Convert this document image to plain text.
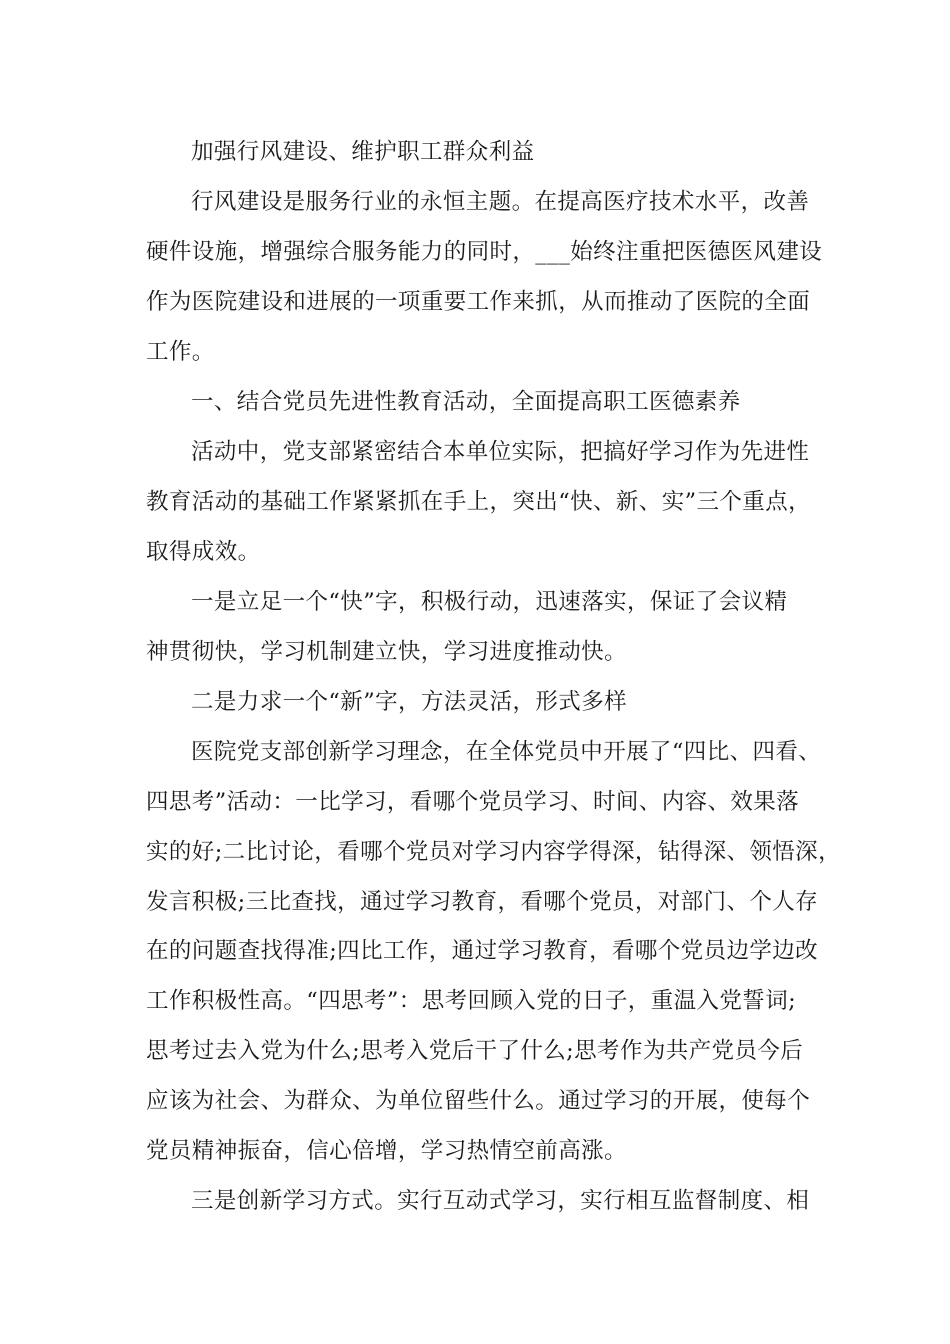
加强行风建设、维护职工群众利益
行风建设是服务行业的永恒主题。在提高医疗技术水平，改善
硬件设施，增强综合服务能力的同时，___始终注重把医德医风建设
作为医院建设和进展的一项重要工作来抓，从而推动了医院的全面
工作。
一、结合党员先进性教育活动，全面提高职工医德素养
活动中，党支部紧密结合本单位实际，把搞好学习作为先进性
教育活动的基础工作紧紧抓在手上，突出“快、新、实”三个重点，
取得成效。
一是立足一个“快”字，积极行动，迅速落实，保证了会议精
神贯彻快，学习机制建立快，学习进度推动快。
二是力求一个“新”字，方法灵活，形式多样
医院党支部创新学习理念，在全体党员中开展了“四比、四看、
四思考”活动：一比学习，看哪个党员学习、时间、内容、效果落
实的好;二比讨论，看哪个党员对学习内容学得深，钻得深、领悟深，
发言积极;三比查找，通过学习教育，看哪个党员，对部门、个人存
在的问题查找得准;四比工作，通过学习教育，看哪个党员边学边改
工作积极性高。“四思考”：思考回顾入党的日子，重温入党誓词;
思考过去入党为什么;思考入党后干了什么;思考作为共产党员今后
应该为社会、为群众、为单位留些什么。通过学习的开展，使每个
党员精神振奋，信心倍增，学习热情空前高涨。
三是创新学习方式。实行互动式学习，实行相互监督制度、相
